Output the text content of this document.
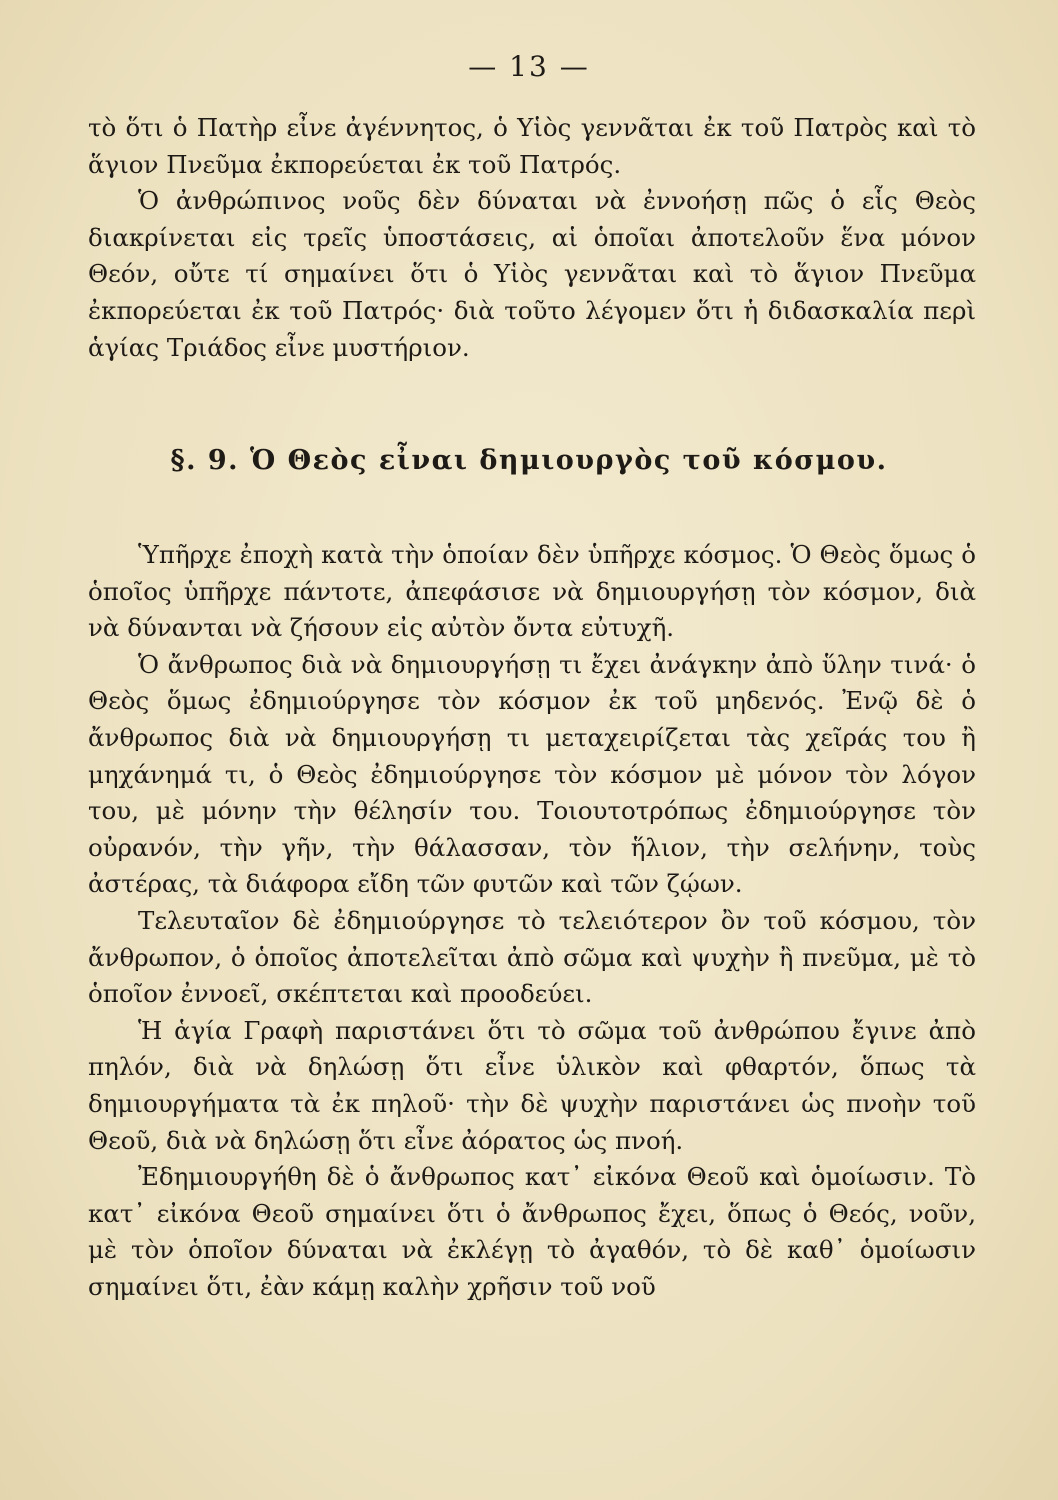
— 13 —

τὸ ὅτι ὁ Πατὴρ εἶνε ἀγέννητος, ὁ Υἱὸς γεννᾶται ἐκ τοῦ Πατρὸς καὶ τὸ ἅγιον Πνεῦμα ἐκπορεύεται ἐκ τοῦ Πατρός.

Ὁ ἀνθρώπινος νοῦς δὲν δύναται νὰ ἐννοήσῃ πῶς ὁ εἷς Θεὸς διακρίνεται εἰς τρεῖς ὑποστάσεις, αἱ ὁποῖαι ἀποτελοῦν ἕνα μόνον Θεόν, οὔτε τί σημαίνει ὅτι ὁ Υἱὸς γεννᾶται καὶ τὸ ἅγιον Πνεῦμα ἐκπορεύεται ἐκ τοῦ Πατρός· διὰ τοῦτο λέγομεν ὅτι ἡ διδασκαλία περὶ ἁγίας Τριάδος εἶνε μυστήριον.

§. 9. Ὁ Θεὸς εἶναι δημιουργὸς τοῦ κόσμου.

Ὑπῆρχε ἐποχὴ κατὰ τὴν ὁποίαν δὲν ὑπῆρχε κόσμος. Ὁ Θεὸς ὅμως ὁ ὁποῖος ὑπῆρχε πάντοτε, ἀπεφάσισε νὰ δημιουργήσῃ τὸν κόσμον, διὰ νὰ δύνανται νὰ ζήσουν εἰς αὐτὸν ὄντα εὐτυχῆ.

Ὁ ἄνθρωπος διὰ νὰ δημιουργήσῃ τι ἔχει ἀνάγκην ἀπὸ ὕλην τινά· ὁ Θεὸς ὅμως ἐδημιούργησε τὸν κόσμον ἐκ τοῦ μηδενός. Ἐνῷ δὲ ὁ ἄνθρωπος διὰ νὰ δημιουργήσῃ τι μεταχειρίζεται τὰς χεῖράς του ἢ μηχάνημά τι, ὁ Θεὸς ἐδημιούργησε τὸν κόσμον μὲ μόνον τὸν λόγον του, μὲ μόνην τὴν θέλησίν του. Τοιουτοτρόπως ἐδημιούργησε τὸν οὐρανόν, τὴν γῆν, τὴν θάλασσαν, τὸν ἥλιον, τὴν σελήνην, τοὺς ἀστέρας, τὰ διάφορα εἴδη τῶν φυτῶν καὶ τῶν ζῴων.

Τελευταῖον δὲ ἐδημιούργησε τὸ τελειότερον ὂν τοῦ κόσμου, τὸν ἄνθρωπον, ὁ ὁποῖος ἀποτελεῖται ἀπὸ σῶμα καὶ ψυχὴν ἢ πνεῦμα, μὲ τὸ ὁποῖον ἐννοεῖ, σκέπτεται καὶ προοδεύει.

Ἡ ἁγία Γραφὴ παριστάνει ὅτι τὸ σῶμα τοῦ ἀνθρώπου ἔγινε ἀπὸ πηλόν, διὰ νὰ δηλώσῃ ὅτι εἶνε ὑλικὸν καὶ φθαρτόν, ὅπως τὰ δημιουργήματα τὰ ἐκ πηλοῦ· τὴν δὲ ψυχὴν παριστάνει ὡς πνοὴν τοῦ Θεοῦ, διὰ νὰ δηλώσῃ ὅτι εἶνε ἀόρατος ὡς πνοή.

Ἐδημιουργήθη δὲ ὁ ἄνθρωπος κατ᾿ εἰκόνα Θεοῦ καὶ ὁμοίωσιν. Τὸ κατ᾿ εἰκόνα Θεοῦ σημαίνει ὅτι ὁ ἄνθρωπος ἔχει, ὅπως ὁ Θεός, νοῦν, μὲ τὸν ὁποῖον δύναται νὰ ἐκλέγῃ τὸ ἀγαθόν, τὸ δὲ καθ᾿ ὁμοίωσιν σημαίνει ὅτι, ἐὰν κάμῃ καλὴν χρῆσιν τοῦ νοῦ
